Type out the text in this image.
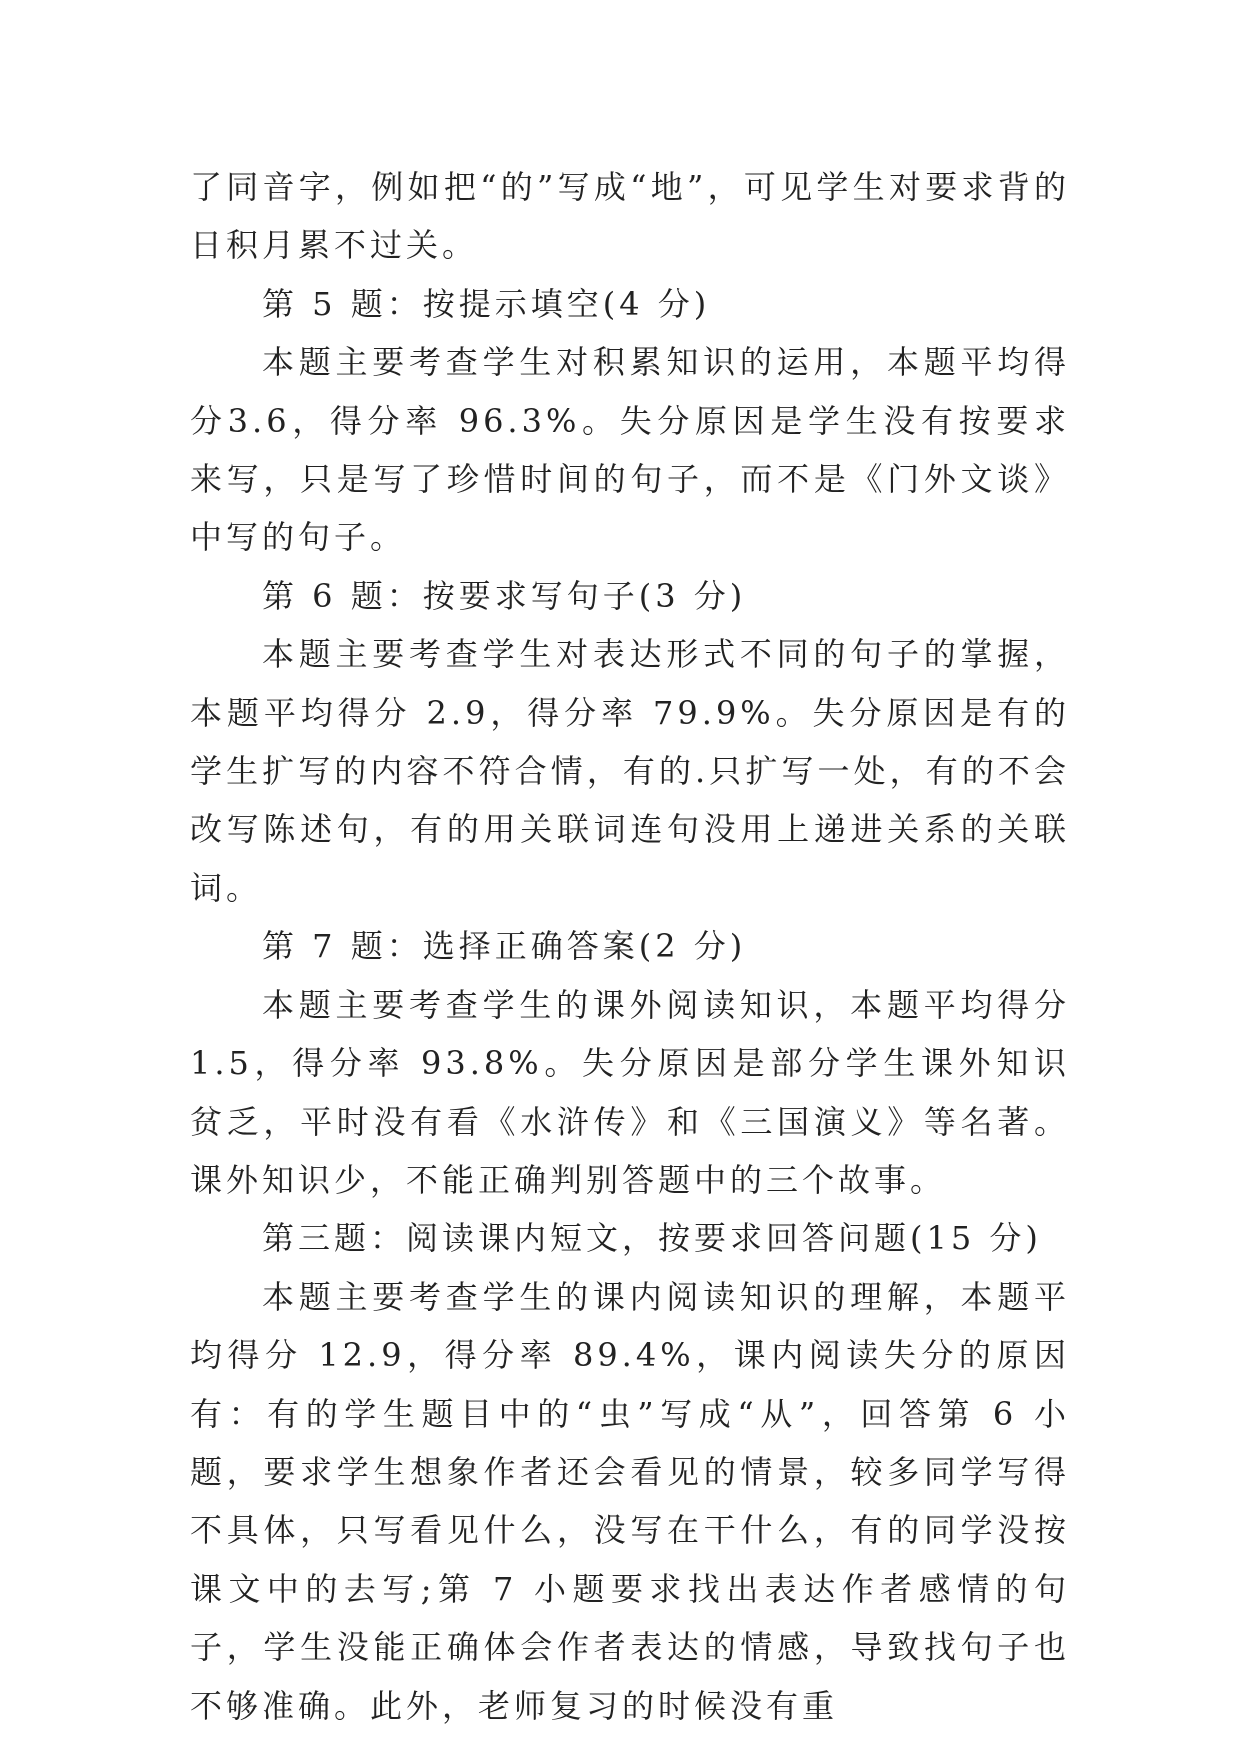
了同音字，例如把“的”写成“地”，可见学生对要求背的日积月累不过关。

第 5 题：按提示填空(4 分)

本题主要考查学生对积累知识的运用，本题平均得分3.6，得分率 96.3%。失分原因是学生没有按要求来写，只是写了珍惜时间的句子，而不是《门外文谈》中写的句子。

第 6 题：按要求写句子(3 分)

本题主要考查学生对表达形式不同的句子的掌握，本题平均得分 2.9，得分率 79.9%。失分原因是有的学生扩写的内容不符合情，有的.只扩写一处，有的不会改写陈述句，有的用关联词连句没用上递进关系的关联词。

第 7 题：选择正确答案(2 分)

本题主要考查学生的课外阅读知识，本题平均得分 1.5，得分率 93.8%。失分原因是部分学生课外知识贫乏，平时没有看《水浒传》和《三国演义》等名著。课外知识少，不能正确判别答题中的三个故事。

第三题：阅读课内短文，按要求回答问题(15 分)

本题主要考查学生的课内阅读知识的理解，本题平均得分 12.9，得分率 89.4%，课内阅读失分的原因有：有的学生题目中的“虫”写成“从”，回答第 6 小题，要求学生想象作者还会看见的情景，较多同学写得不具体，只写看见什么，没写在干什么，有的同学没按课文中的去写;第 7 小题要求找出表达作者感情的句子，学生没能正确体会作者表达的情感，导致找句子也不够准确。此外，老师复习的时候没有重
